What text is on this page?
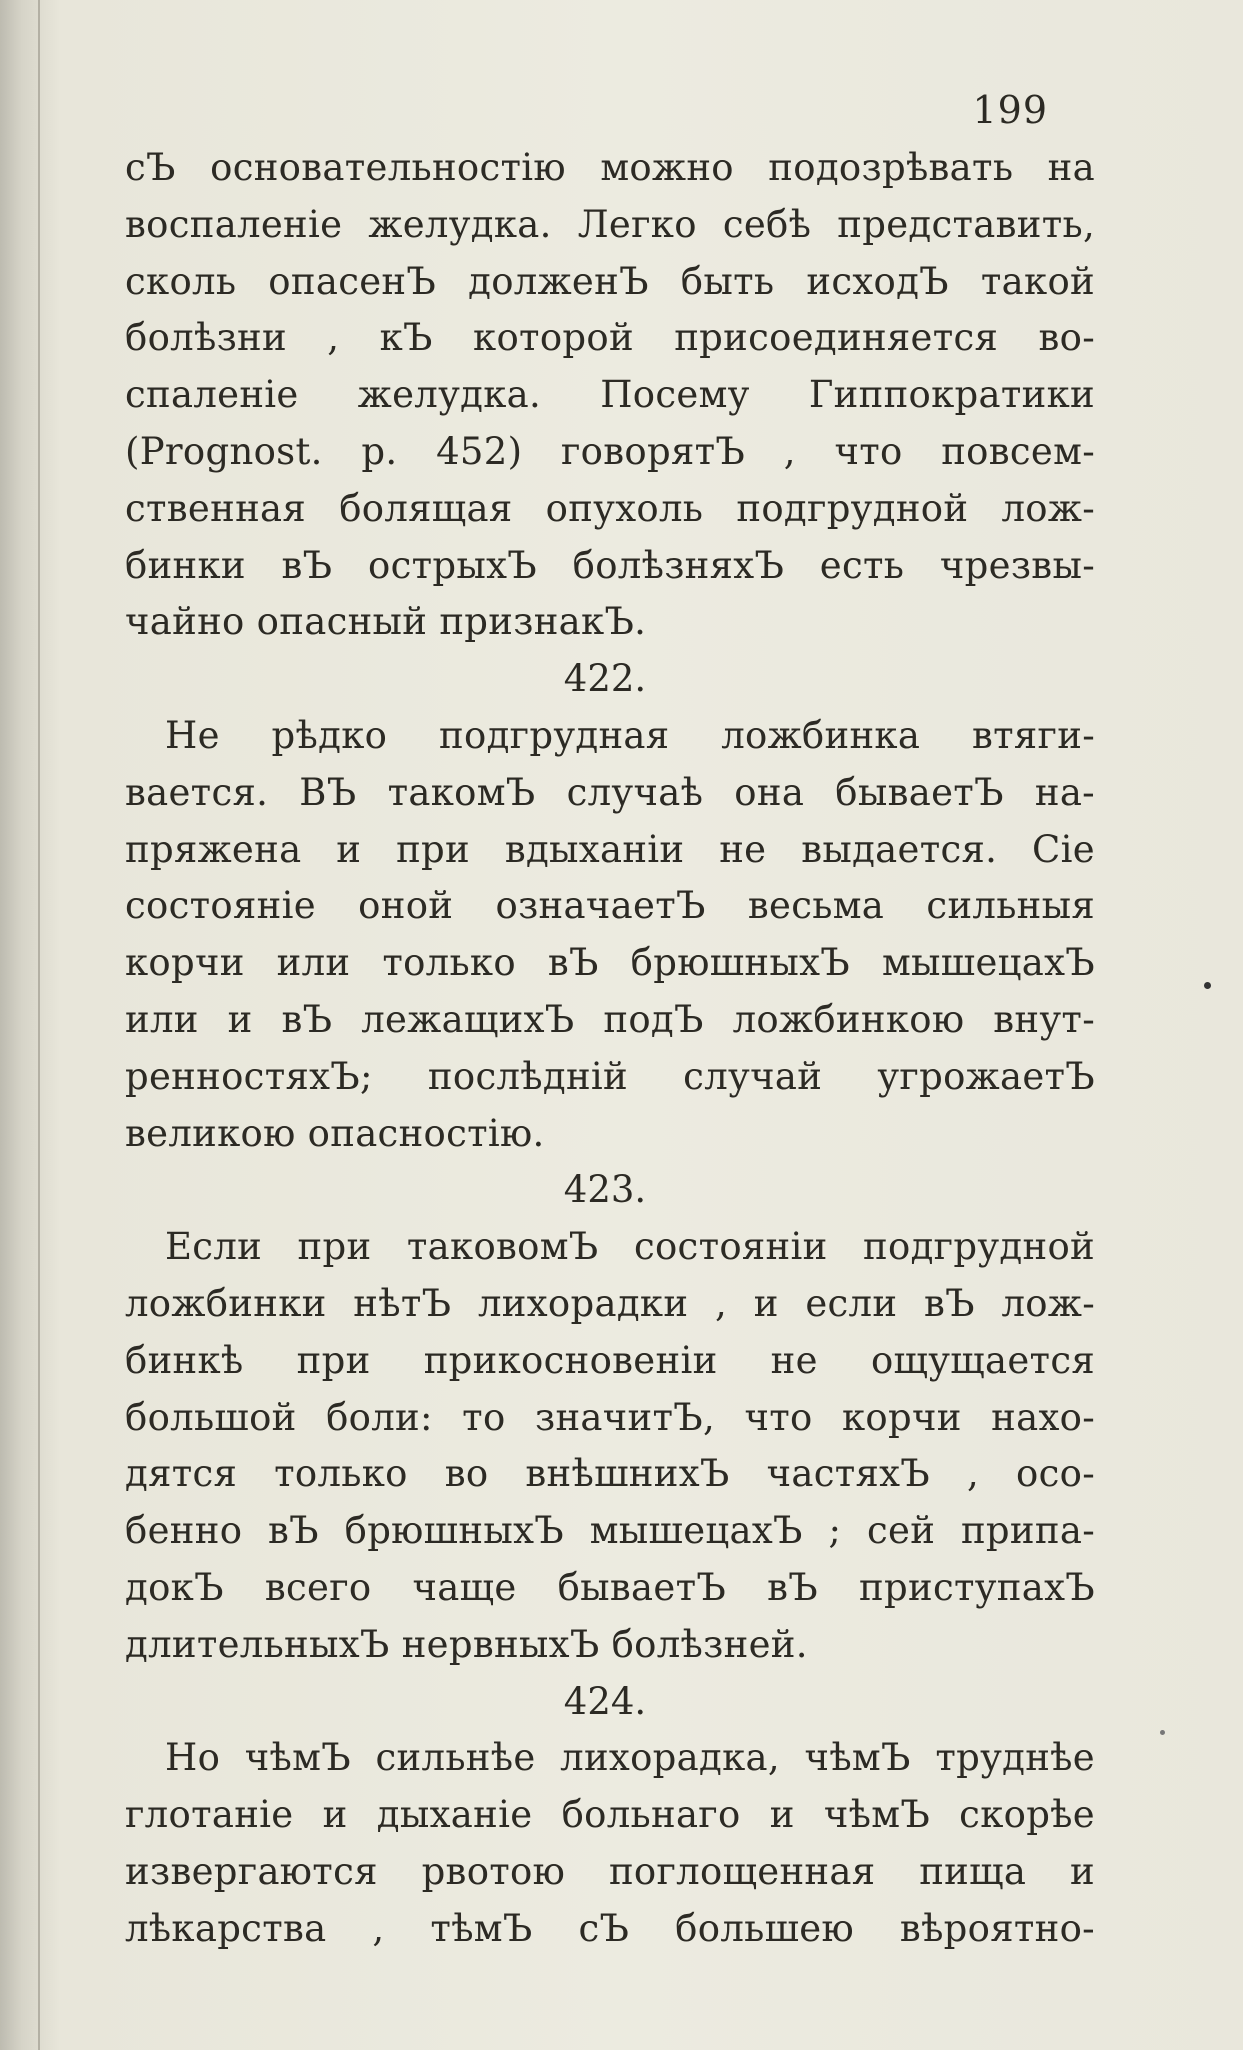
199

сЪ основательностію можно подозрѣвать на
воспаленіе желудка. Легко себѣ представить,
сколь опасенЪ долженЪ быть исходЪ такой
болѣзни , кЪ которой присоединяется во-
спаленіе желудка. Посему Гиппократики
(Prognost. p. 452) говорятЪ , что повсем-
ственная болящая опухоль подгрудной лож-
бинки вЪ острыхЪ болѣзняхЪ есть чрезвы-
чайно опасный признакЪ.

422.

Не рѣдко подгрудная ложбинка втяги-
вается. ВЪ такомЪ случаѣ она бываетЪ на-
пряжена и при вдыханіи не выдается. Сіе
состояніе оной означаетЪ весьма сильныя
корчи или только вЪ брюшныхЪ мышецахЪ
или и вЪ лежащихЪ подЪ ложбинкою внут-
ренностяхЪ; послѣдній случай угрожаетЪ
великою опасностію.

423.

Если при таковомЪ состояніи подгрудной
ложбинки нѣтЪ лихорадки , и если вЪ лож-
бинкѣ при прикосновеніи не ощущается
большой боли: то значитЪ, что корчи нахо-
дятся только во внѣшнихЪ частяхЪ , осо-
бенно вЪ брюшныхЪ мышецахЪ ; сей припа-
докЪ всего чаще бываетЪ вЪ приступахЪ
длительныхЪ нервныхЪ болѣзней.

424.

Но чѣмЪ сильнѣе лихорадка, чѣмЪ труднѣе
глотаніе и дыханіе больнаго и чѣмЪ скорѣе
извергаются рвотою поглощенная пища и
лѣкарства , тѣмЪ сЪ большею вѣроятно-
